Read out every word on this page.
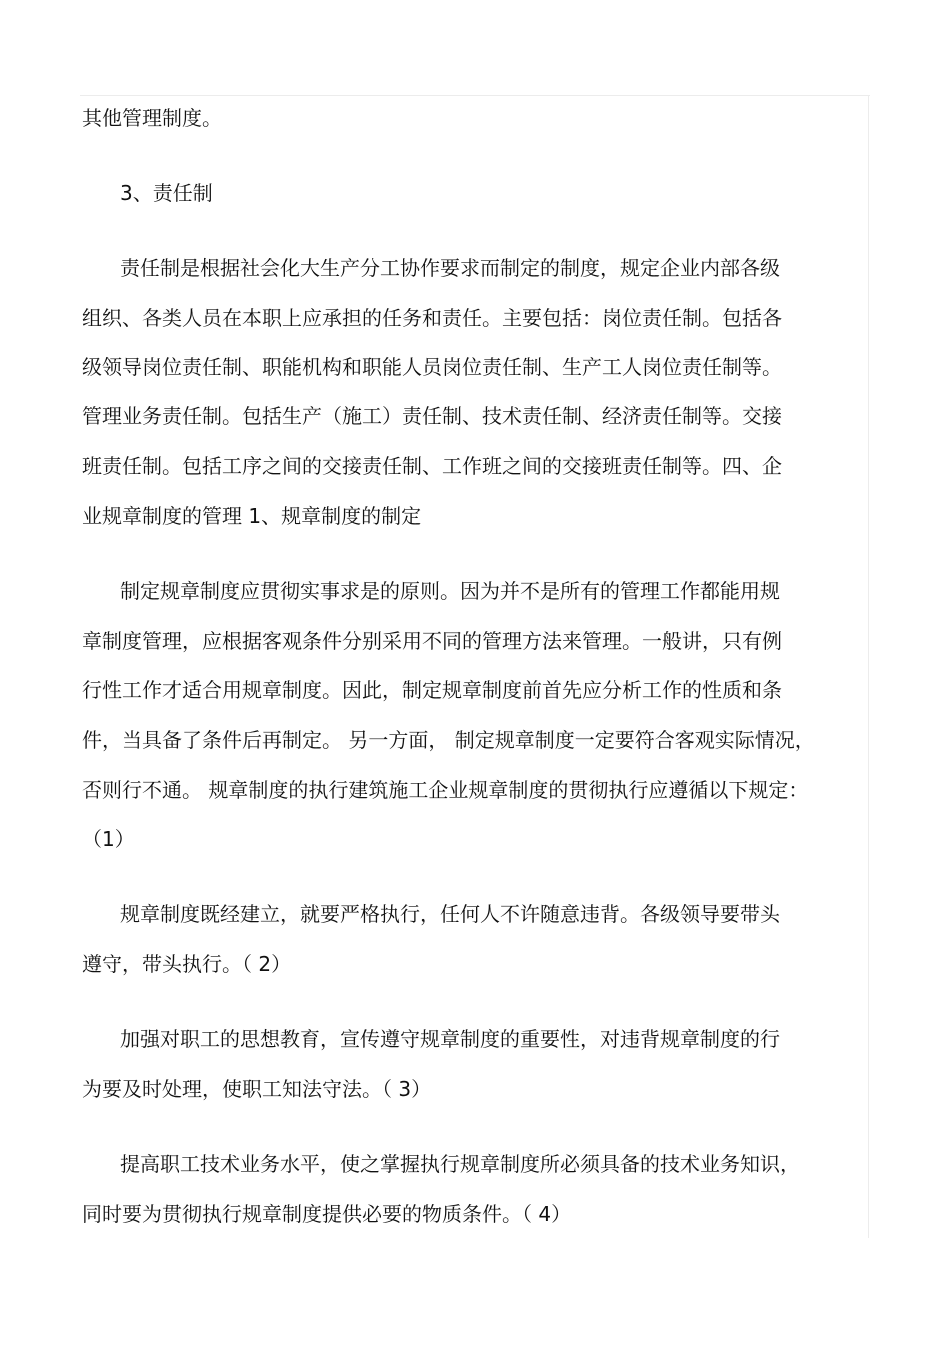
其他管理制度。
3、责任制
责任制是根据社会化大生产分工协作要求而制定的制度，规定企业内部各级
组织、各类人员在本职上应承担的任务和责任。主要包括：岗位责任制。包括各
级领导岗位责任制、职能机构和职能人员岗位责任制、生产工人岗位责任制等。
管理业务责任制。包括生产（施工）责任制、技术责任制、经济责任制等。交接
班责任制。包括工序之间的交接责任制、工作班之间的交接班责任制等。四、企
业规章制度的管理 1、规章制度的制定
制定规章制度应贯彻实事求是的原则。因为并不是所有的管理工作都能用规
章制度管理，应根据客观条件分别采用不同的管理方法来管理。一般讲，只有例
行性工作才适合用规章制度。因此，制定规章制度前首先应分析工作的性质和条
件，当具备了条件后再制定。 另一方面， 制定规章制度一定要符合客观实际情况，
否则行不通。 规章制度的执行建筑施工企业规章制度的贯彻执行应遵循以下规定：
（1）
规章制度既经建立，就要严格执行，任何人不许随意违背。各级领导要带头
遵守，带头执行。（ 2）
加强对职工的思想教育，宣传遵守规章制度的重要性，对违背规章制度的行
为要及时处理，使职工知法守法。（ 3）
提高职工技术业务水平，使之掌握执行规章制度所必须具备的技术业务知识，
同时要为贯彻执行规章制度提供必要的物质条件。（ 4）
